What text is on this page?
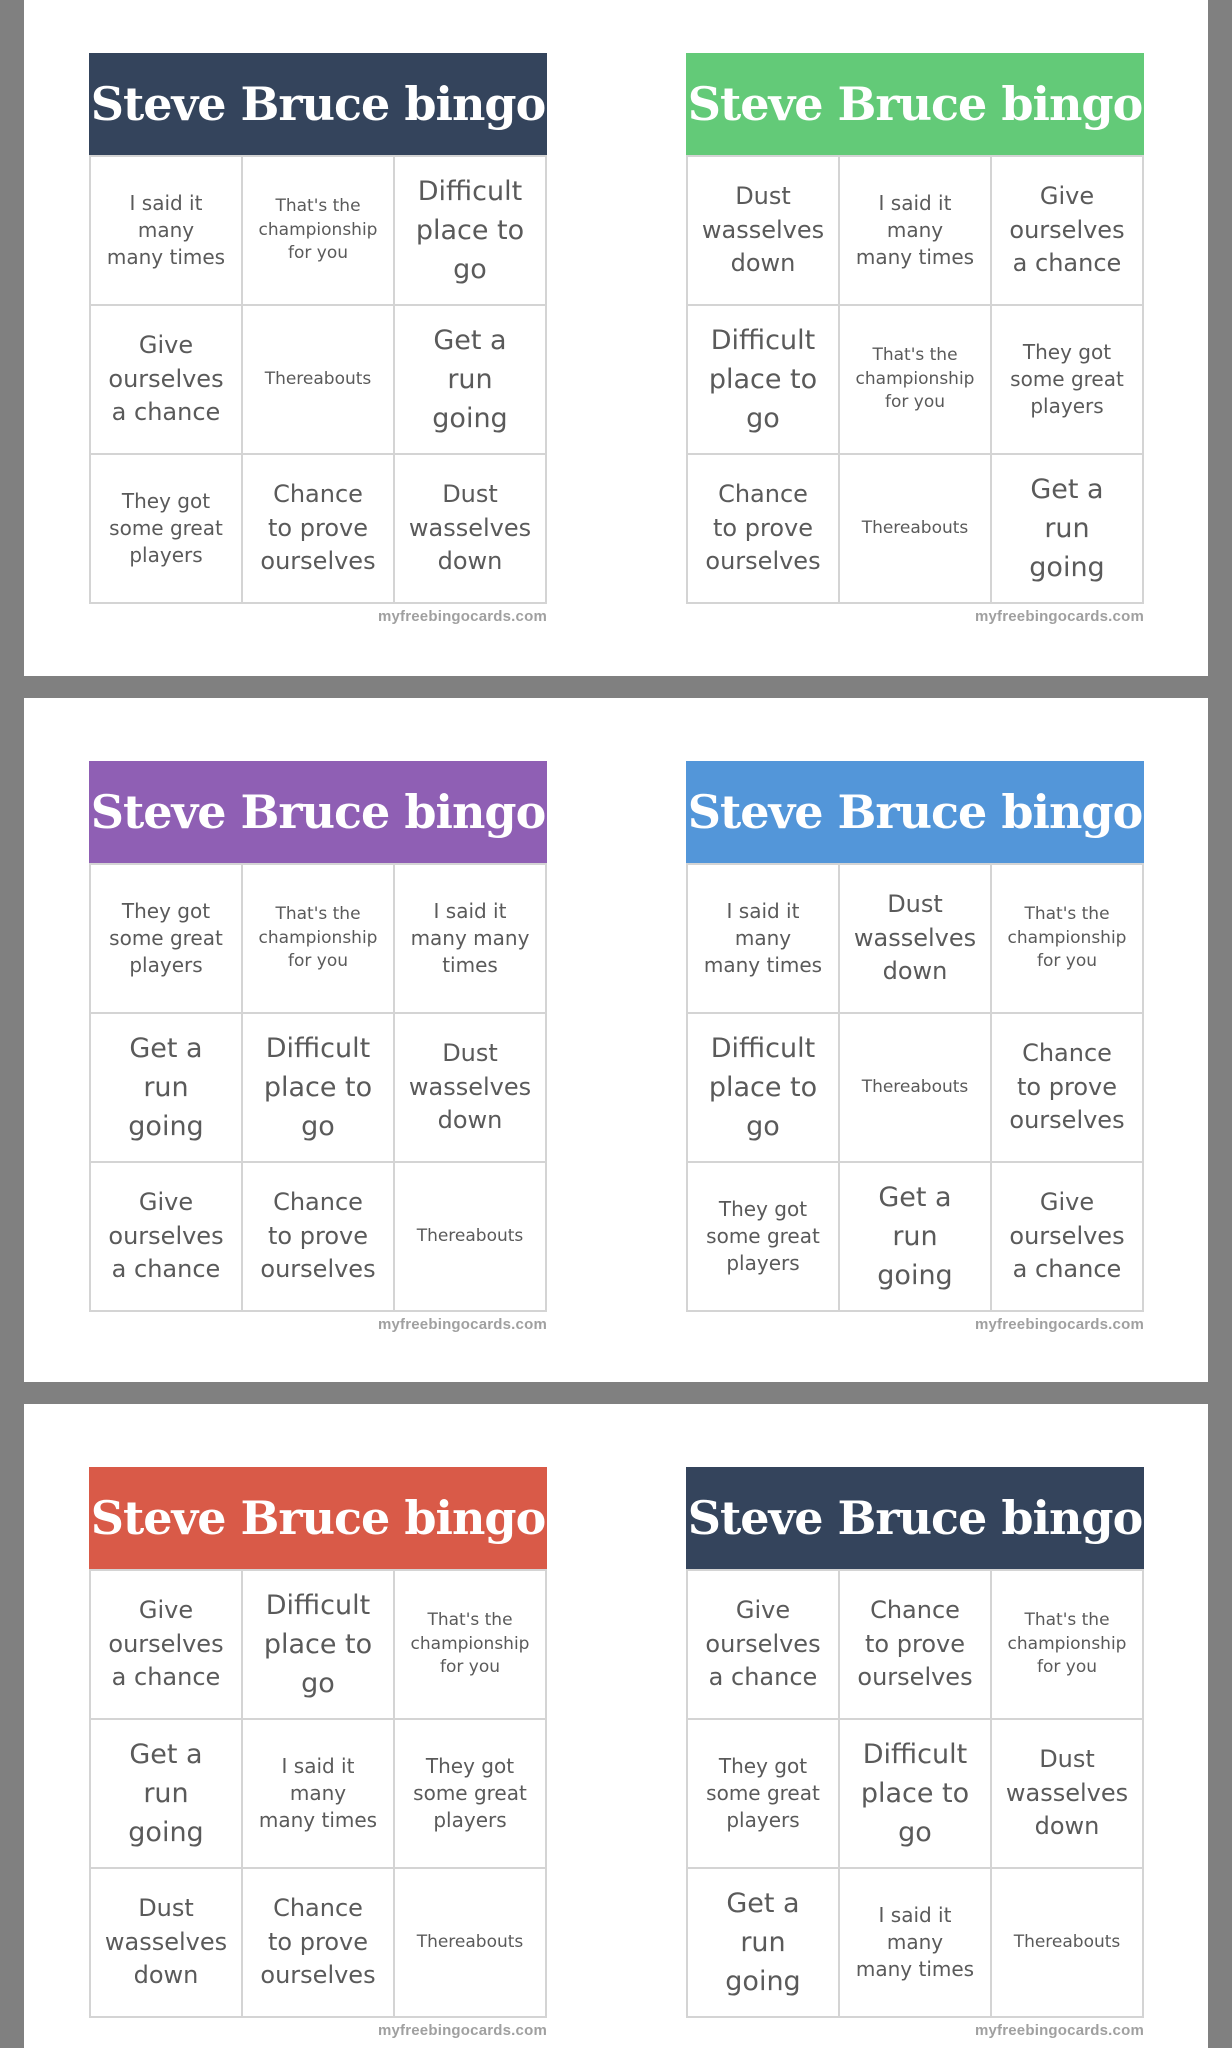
Steve Bruce bingo
I said it
many
many times
That's the
championship
for you
Difficult
place to
go
Give
ourselves
a chance
Thereabouts
Get a
run
going
They got
some great
players
Chance
to prove
ourselves
Dust
wasselves
down
myfreebingocards.com
Steve Bruce bingo
Dust
wasselves
down
I said it
many
many times
Give
ourselves
a chance
Difficult
place to
go
That's the
championship
for you
They got
some great
players
Chance
to prove
ourselves
Thereabouts
Get a
run
going
myfreebingocards.com
Steve Bruce bingo
They got
some great
players
That's the
championship
for you
I said it
many many
times
Get a
run
going
Difficult
place to
go
Dust
wasselves
down
Give
ourselves
a chance
Chance
to prove
ourselves
Thereabouts
myfreebingocards.com
Steve Bruce bingo
I said it
many
many times
Dust
wasselves
down
That's the
championship
for you
Difficult
place to
go
Thereabouts
Chance
to prove
ourselves
They got
some great
players
Get a
run
going
Give
ourselves
a chance
myfreebingocards.com
Steve Bruce bingo
Give
ourselves
a chance
Difficult
place to
go
That's the
championship
for you
Get a
run
going
I said it
many
many times
They got
some great
players
Dust
wasselves
down
Chance
to prove
ourselves
Thereabouts
myfreebingocards.com
Steve Bruce bingo
Give
ourselves
a chance
Chance
to prove
ourselves
That's the
championship
for you
They got
some great
players
Difficult
place to
go
Dust
wasselves
down
Get a
run
going
I said it
many
many times
Thereabouts
myfreebingocards.com
